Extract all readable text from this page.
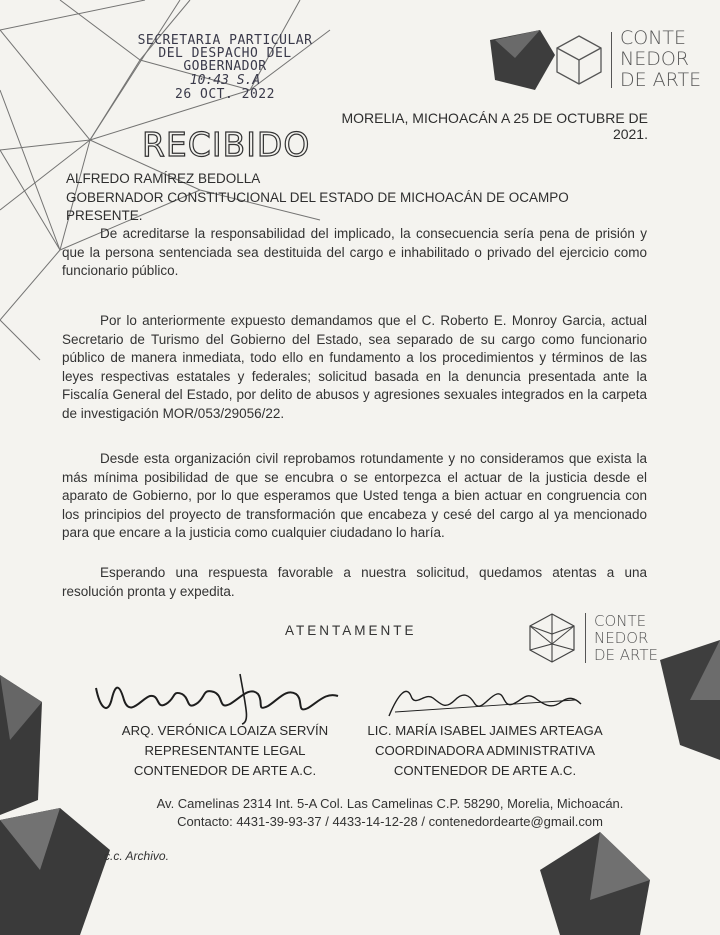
SECRETARIA PARTICULAR
DEL DESPACHO DEL
GOBERNADOR
10:43 S.A
26 OCT. 2022
RECIBIDO
CONTE
NEDOR
DE ARTE
MORELIA, MICHOACÁN A 25 DE OCTUBRE DE 2021.
ALFREDO RAMÍREZ BEDOLLA
GOBERNADOR CONSTITUCIONAL DEL ESTADO DE MICHOACÁN DE OCAMPO
PRESENTE.

De acreditarse la responsabilidad del implicado, la consecuencia sería pena de prisión y que la persona sentenciada sea destituida del cargo e inhabilitado o privado del ejercicio como funcionario público.

Por lo anteriormente expuesto demandamos que el C. Roberto E. Monroy Garcia, actual Secretario de Turismo del Gobierno del Estado, sea separado de su cargo como funcionario público de manera inmediata, todo ello en fundamento a los procedimientos y términos de las leyes respectivas estatales y federales; solicitud basada en la denuncia presentada ante la Fiscalía General del Estado, por delito de abusos y agresiones sexuales integrados en la carpeta de investigación MOR/053/29056/22.

Desde esta organización civil reprobamos rotundamente y no consideramos que exista la más mínima posibilidad de que se encubra o se entorpezca el actuar de la justicia desde el aparato de Gobierno, por lo que esperamos que Usted tenga a bien actuar en congruencia con los principios del proyecto de transformación que encabeza y cesé del cargo al ya mencionado para que encare a la justicia como cualquier ciudadano lo haría.

Esperando una respuesta favorable a nuestra solicitud, quedamos atentas a una resolución pronta y expedita.

ATENTAMENTE
CONTE
NEDOR
DE ARTE
ARQ. VERÓNICA LOAIZA SERVÍN
REPRESENTANTE LEGAL
CONTENEDOR DE ARTE A.C.
LIC. MARÍA ISABEL JAIMES ARTEAGA
COORDINADORA ADMINISTRATIVA
CONTENEDOR DE ARTE A.C.
Av. Camelinas 2314 Int. 5-A Col. Las Camelinas C.P. 58290, Morelia, Michoacán.
Contacto: 4431-39-93-37 / 4433-14-12-28 / contenedordearte@gmail.com
c.c. Archivo.
